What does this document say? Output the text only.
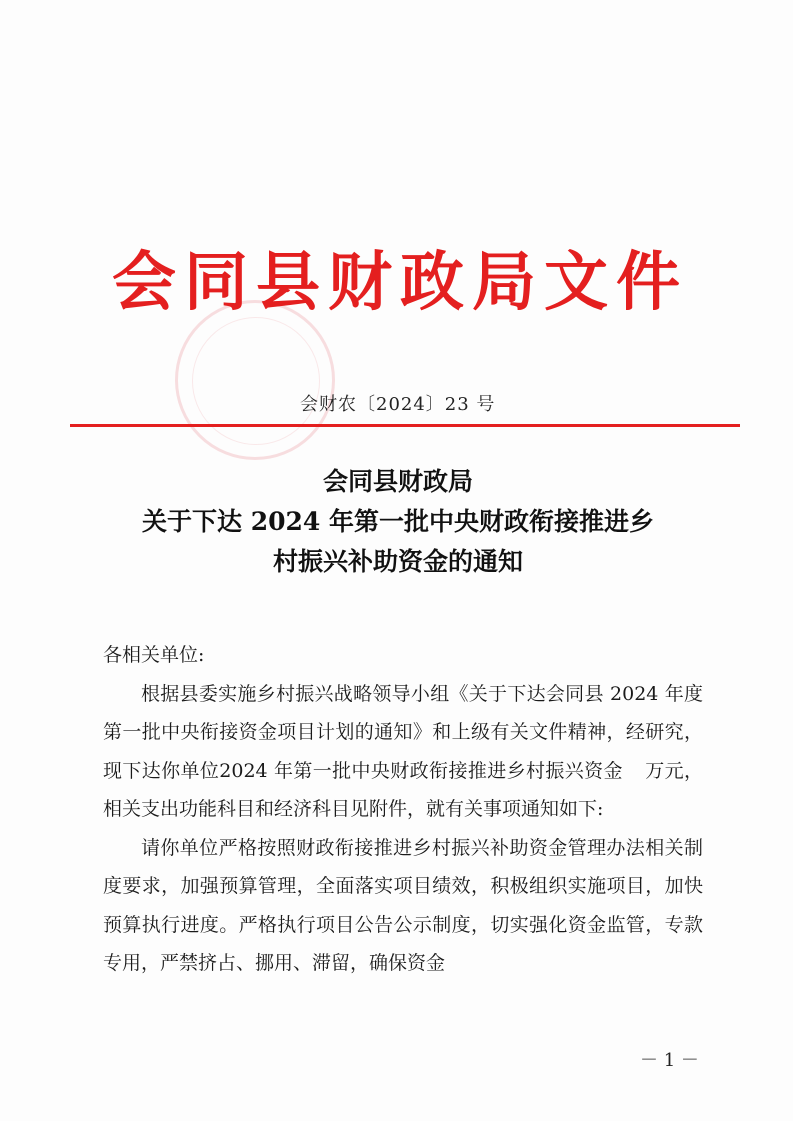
会同县财政局文件
会财农〔2024〕23 号
会同县财政局
关于下达 2024 年第一批中央财政衔接推进乡
村振兴补助资金的通知

各相关单位:

根据县委实施乡村振兴战略领导小组《关于下达会同县 2024 年度第一批中央衔接资金项目计划的通知》和上级有关文件精神，经研究，现下达你单位2024 年第一批中央财政衔接推进乡村振兴资金 万元，相关支出功能科目和经济科目见附件，就有关事项通知如下:

请你单位严格按照财政衔接推进乡村振兴补助资金管理办法相关制度要求，加强预算管理，全面落实项目绩效，积极组织实施项目，加快预算执行进度。严格执行项目公告公示制度，切实强化资金监管，专款专用，严禁挤占、挪用、滞留，确保资金

－ 1 －
